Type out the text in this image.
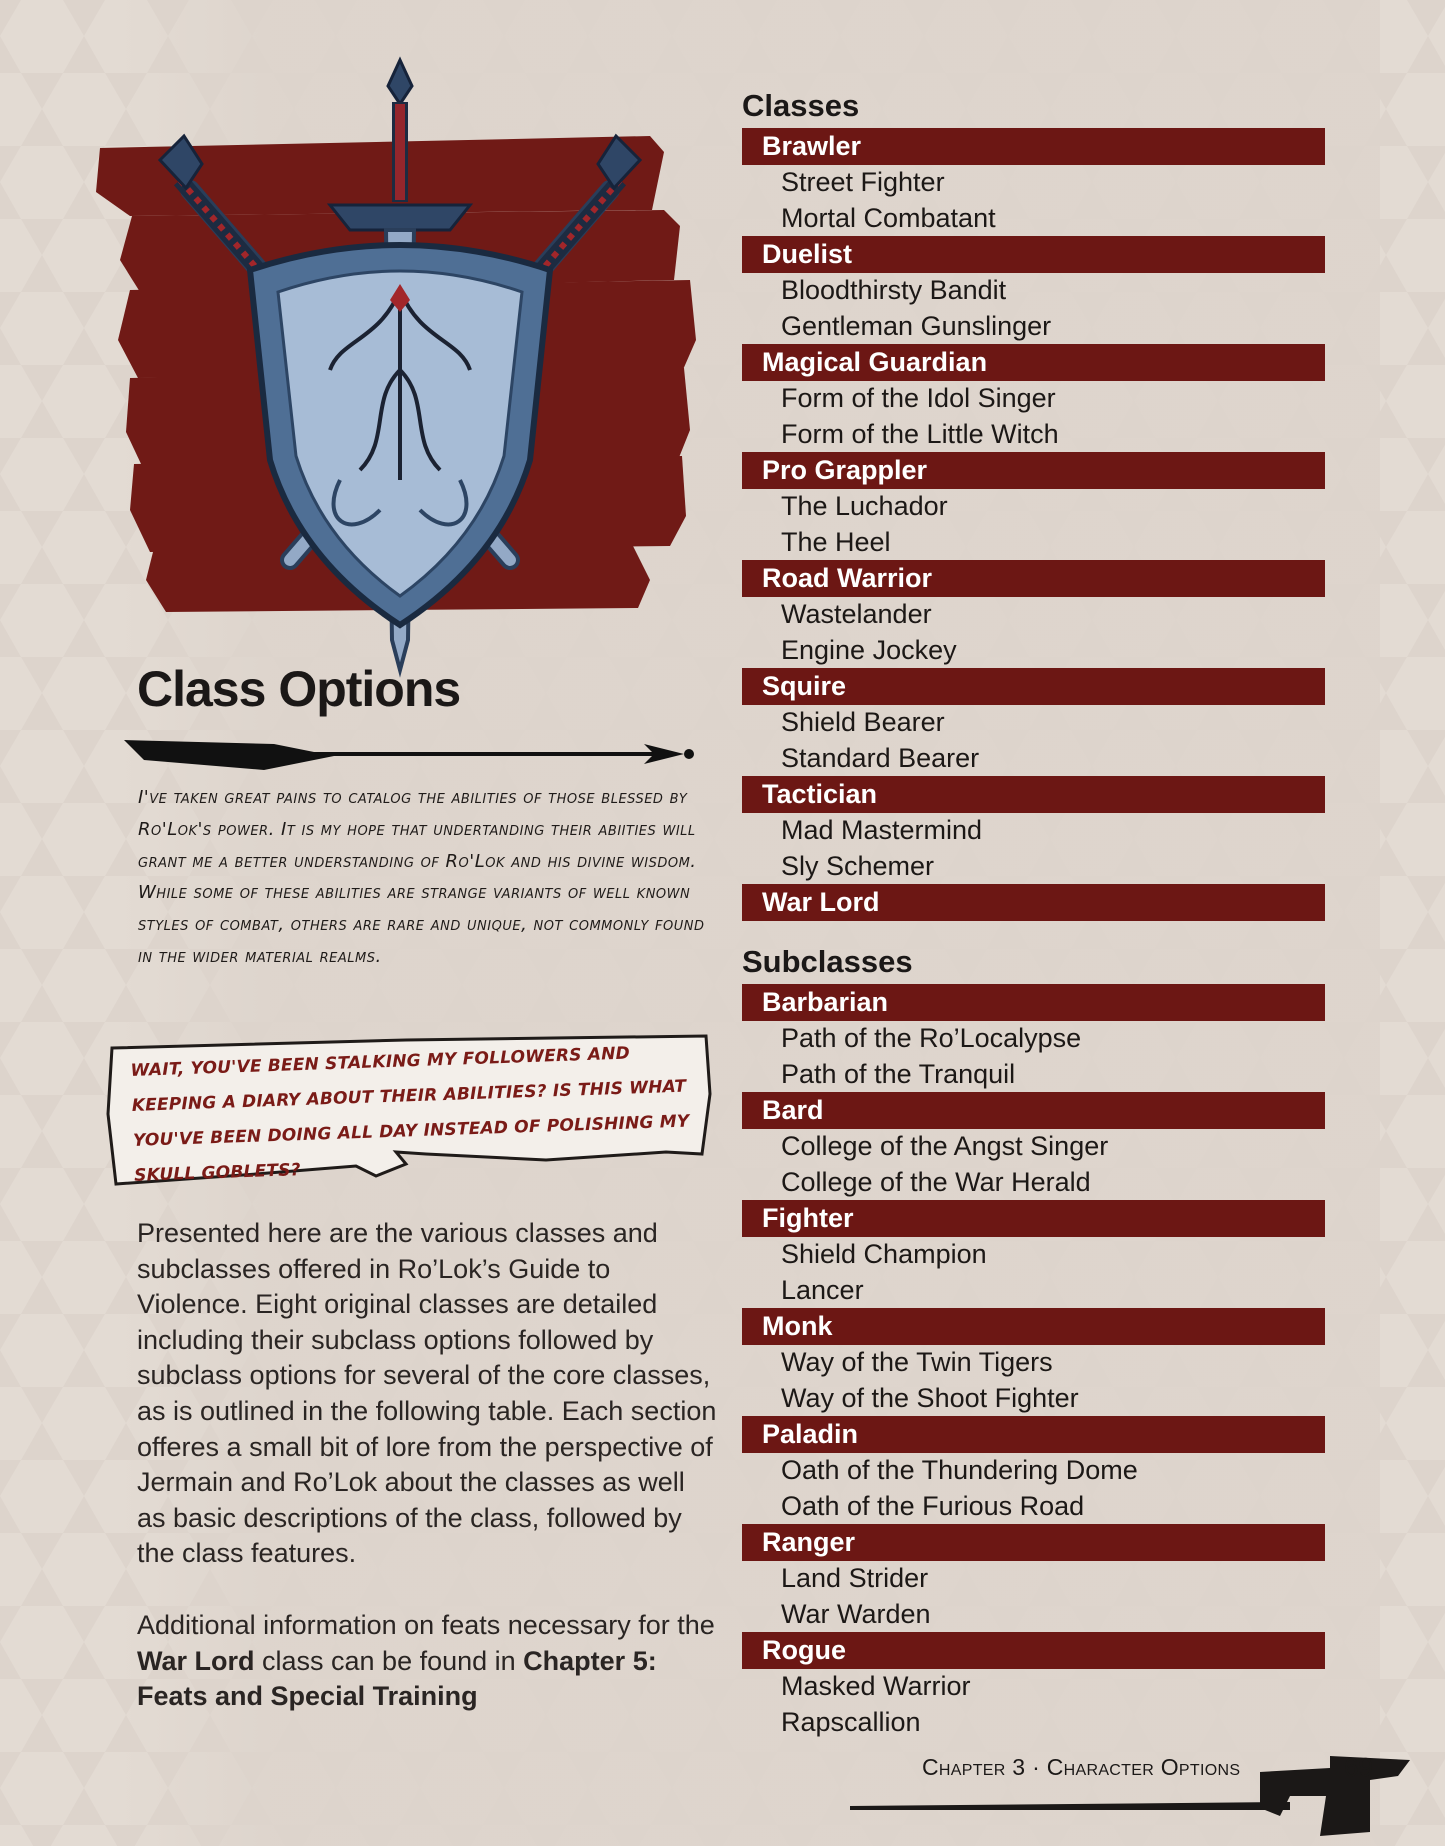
Class Options

I've taken great pains to catalog the abilities of those blessed by Ro'Lok's power. It is my hope that undertanding their abiities will grant me a better understanding of Ro'Lok and his divine wisdom. While some of these abilities are strange variants of well known styles of combat, others are rare and unique, not commonly found in the wider material realms.

WAIT, YOU'VE BEEN STALKING MY FOLLOWERS AND KEEPING A DIARY ABOUT THEIR ABILITIES? IS THIS WHAT YOU'VE BEEN DOING ALL DAY INSTEAD OF POLISHING MY SKULL GOBLETS?

Presented here are the various classes and subclasses offered in Ro’Lok’s Guide to Violence. Eight original classes are detailed including their subclass options followed by subclass options for several of the core classes, as is outlined in the following table. Each section offeres a small bit of lore from the perspective of Jermain and Ro’Lok about the classes as well as basic descriptions of the class, followed by the class features.

Additional information on feats necessary for the War Lord class can be found in Chapter 5: Feats and Special Training

Classes
Brawler
Street Fighter
Mortal Combatant
Duelist
Bloodthirsty Bandit
Gentleman Gunslinger
Magical Guardian
Form of the Idol Singer
Form of the Little Witch
Pro Grappler
The Luchador
The Heel
Road Warrior
Wastelander
Engine Jockey
Squire
Shield Bearer
Standard Bearer
Tactician
Mad Mastermind
Sly Schemer
War Lord
Subclasses
Barbarian
Path of the Ro’Localypse
Path of the Tranquil
Bard
College of the Angst Singer
College of the War Herald
Fighter
Shield Champion
Lancer
Monk
Way of the Twin Tigers
Way of the Shoot Fighter
Paladin
Oath of the Thundering Dome
Oath of the Furious Road
Ranger
Land Strider
War Warden
Rogue
Masked Warrior
Rapscallion

Chapter 3 · Character Options	69
